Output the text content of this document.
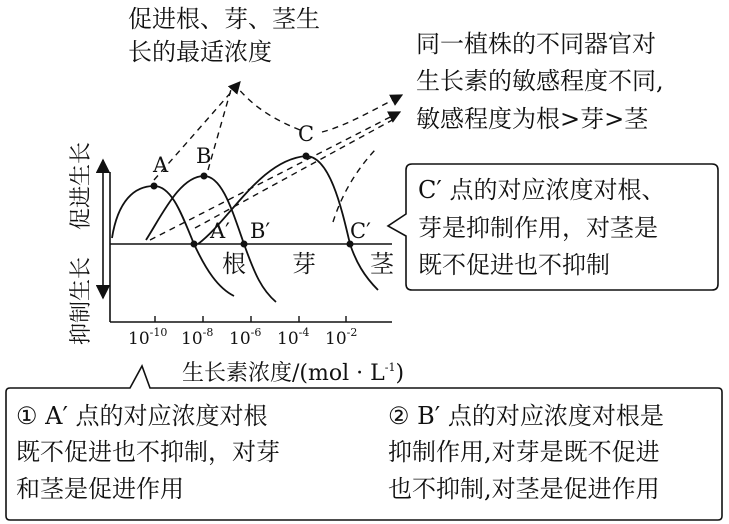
促进根、芽、茎生
长的最适浓度	同一植株的不同器官对
生长素的敏感程度不同,
敏感程度为根>芽>茎
促进生长
抑制生长 $10^{-10}$ $10^{-8}$ $10^{-6}$ $10^{-4}$ $10^{-2}$
A B
C
A′ B′	C′
根 芽 茎
生长素浓度$/(mol \cdot L^{-1})$
C′ 点的对应浓度对根、
芽是抑制作用，对茎是
既不促进也不抑制
① A′ 点的对应浓度对根
既不促进也不抑制，对芽
和茎是促进作用
② B′ 点的对应浓度对根是
抑制作用,对芽是既不促进
也不抑制,对茎是促进作用
